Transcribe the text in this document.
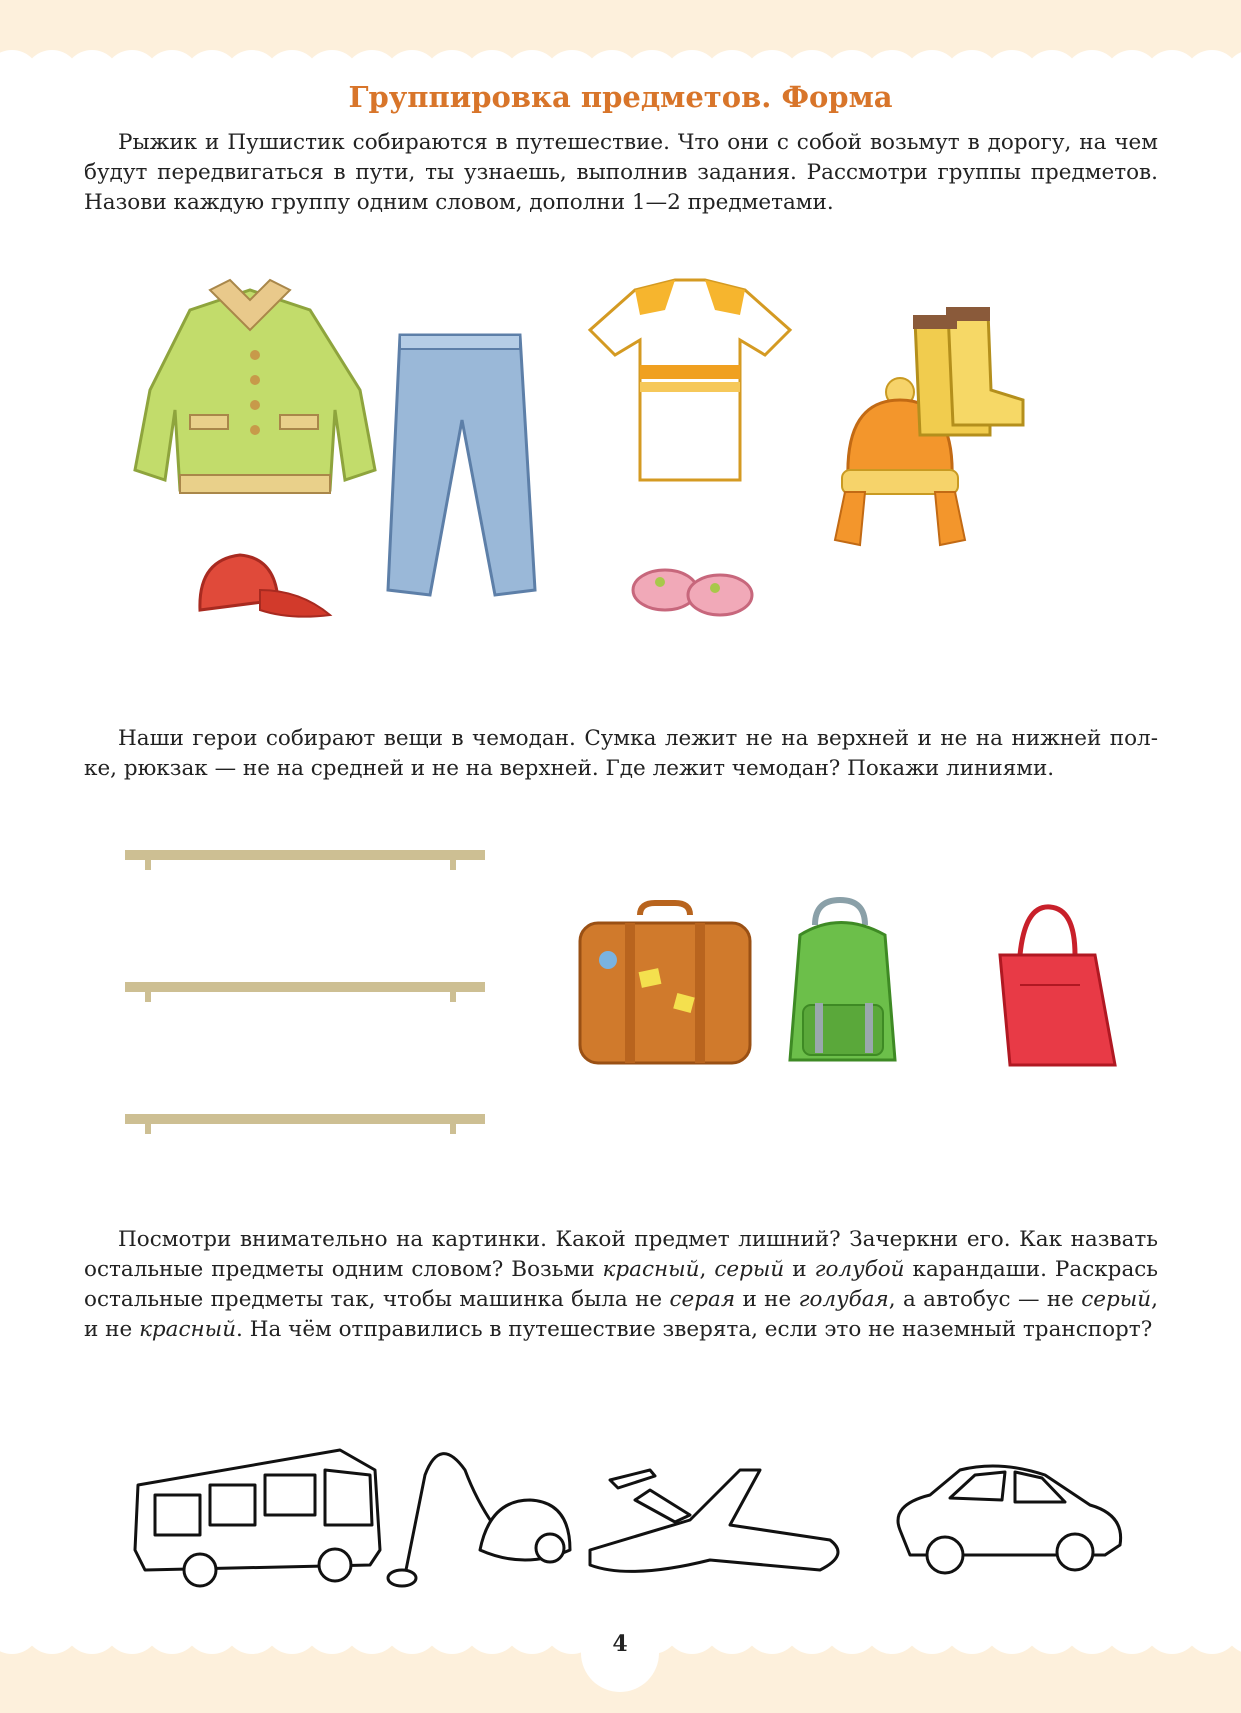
Группировка предметов. Форма

Рыжик и Пушистик собираются в путешествие. Что они с собой возьмут в дорогу, на чем будут передвигаться в пути, ты узнаешь, выполнив задания. Рассмотри группы предметов. Назови каждую группу одним словом, дополни 1—2 предметами.

Наши герои собирают вещи в чемодан. Сумка лежит не на верхней и не на нижней пол- ке, рюкзак — не на средней и не на верхней. Где лежит чемодан? Покажи линиями.

Посмотри внимательно на картинки. Какой предмет лишний? Зачеркни его. Как назвать остальные предметы одним словом? Возьми красный, серый и голубой карандаши. Раскрась остальные предметы так, чтобы машинка была не серая и не голубая, а автобус — не серый, и не красный. На чём отправились в путешествие зверята, если это не наземный транспорт?

4
